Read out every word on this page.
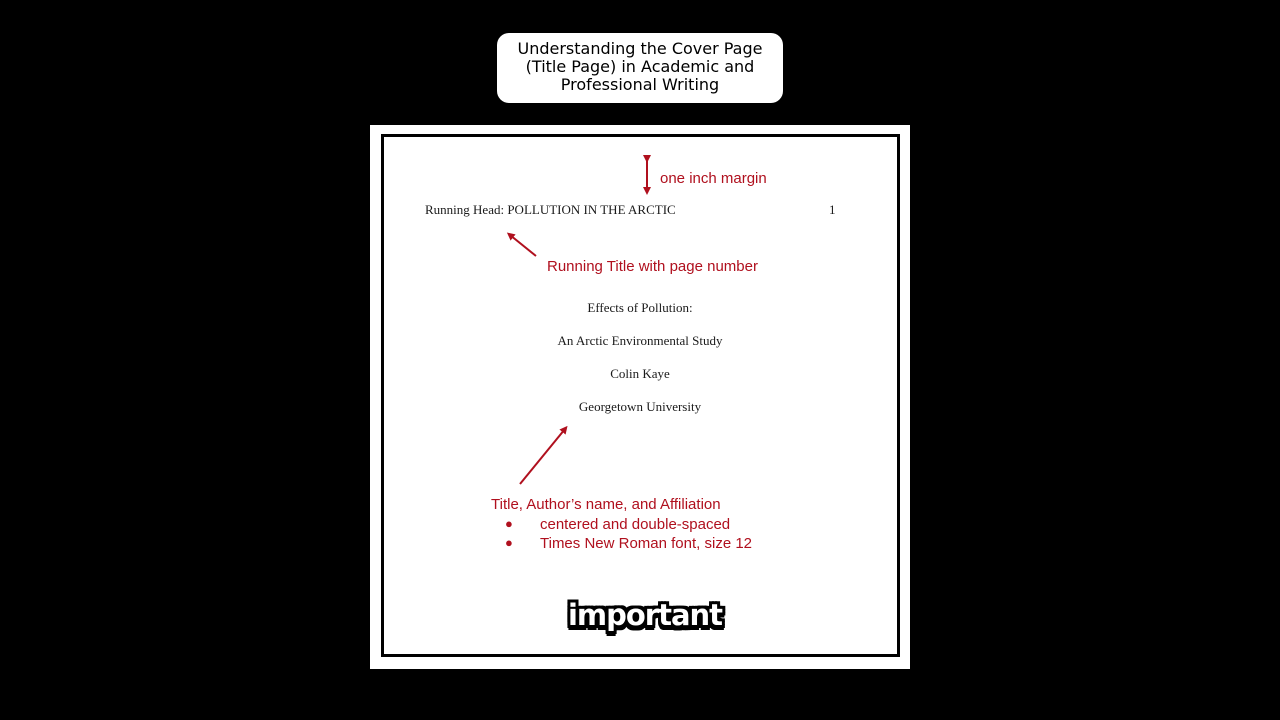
Understanding the Cover Page
(Title Page) in Academic and
Professional Writing
Running Head: POLLUTION IN THE ARCTIC	1
one inch margin
Running Title with page number
Effects of Pollution:
An Arctic Environmental Study
Colin Kaye
Georgetown University
Title, Author’s name, and Affiliation
● centered and double-spaced
● Times New Roman font, size 12
important
